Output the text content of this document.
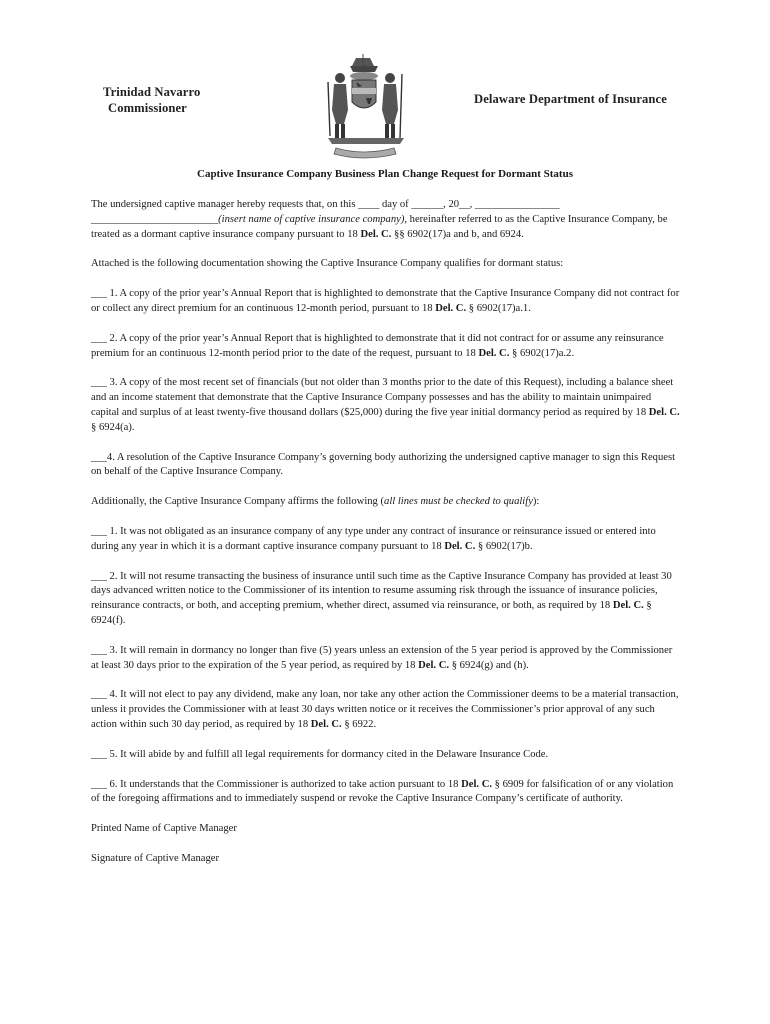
Trinidad Navarro
Commissioner
Delaware Department of Insurance
Captive Insurance Company Business Plan Change Request for Dormant Status

The undersigned captive manager hereby requests that, on this ____ day of ______, 20__, ________________
________________________(insert name of captive insurance company), hereinafter referred to as the Captive Insurance Company, be treated as a dormant captive insurance company pursuant to 18 Del. C. §§ 6902(17)a and b, and 6924.

Attached is the following documentation showing the Captive Insurance Company qualifies for dormant status:

___ 1. A copy of the prior year’s Annual Report that is highlighted to demonstrate that the Captive Insurance Company did not contract for or collect any direct premium for an continuous 12-month period, pursuant to 18 Del. C. § 6902(17)a.1.

___ 2. A copy of the prior year’s Annual Report that is highlighted to demonstrate that it did not contract for or assume any reinsurance premium for an continuous 12-month period prior to the date of the request, pursuant to 18 Del. C. § 6902(17)a.2.

___ 3. A copy of the most recent set of financials (but not older than 3 months prior to the date of this Request), including a balance sheet and an income statement that demonstrate that the Captive Insurance Company possesses and has the ability to maintain unimpaired capital and surplus of at least twenty-five thousand dollars ($25,000) during the five year initial dormancy period as required by 18 Del. C. § 6924(a).

___4. A resolution of the Captive Insurance Company’s governing body authorizing the undersigned captive manager to sign this Request on behalf of the Captive Insurance Company.

Additionally, the Captive Insurance Company affirms the following (all lines must be checked to qualify):

___ 1. It was not obligated as an insurance company of any type under any contract of insurance or reinsurance issued or entered into during any year in which it is a dormant captive insurance company pursuant to 18 Del. C. § 6902(17)b.

___ 2. It will not resume transacting the business of insurance until such time as the Captive Insurance Company has provided at least 30 days advanced written notice to the Commissioner of its intention to resume assuming risk through the issuance of insurance policies, reinsurance contracts, or both, and accepting premium, whether direct, assumed via reinsurance, or both, as required by 18 Del. C. § 6924(f).

___ 3. It will remain in dormancy no longer than five (5) years unless an extension of the 5 year period is approved by the Commissioner at least 30 days prior to the expiration of the 5 year period, as required by 18 Del. C. § 6924(g) and (h).

___ 4. It will not elect to pay any dividend, make any loan, nor take any other action the Commissioner deems to be a material transaction, unless it provides the Commissioner with at least 30 days written notice or it receives the Commissioner’s prior approval of any such action within such 30 day period, as required by 18 Del. C. § 6922.

___ 5. It will abide by and fulfill all legal requirements for dormancy cited in the Delaware Insurance Code.

___ 6. It understands that the Commissioner is authorized to take action pursuant to 18 Del. C. § 6909 for falsification of or any violation of the foregoing affirmations and to immediately suspend or revoke the Captive Insurance Company’s certificate of authority.

Printed Name of Captive Manager

Signature of Captive Manager
